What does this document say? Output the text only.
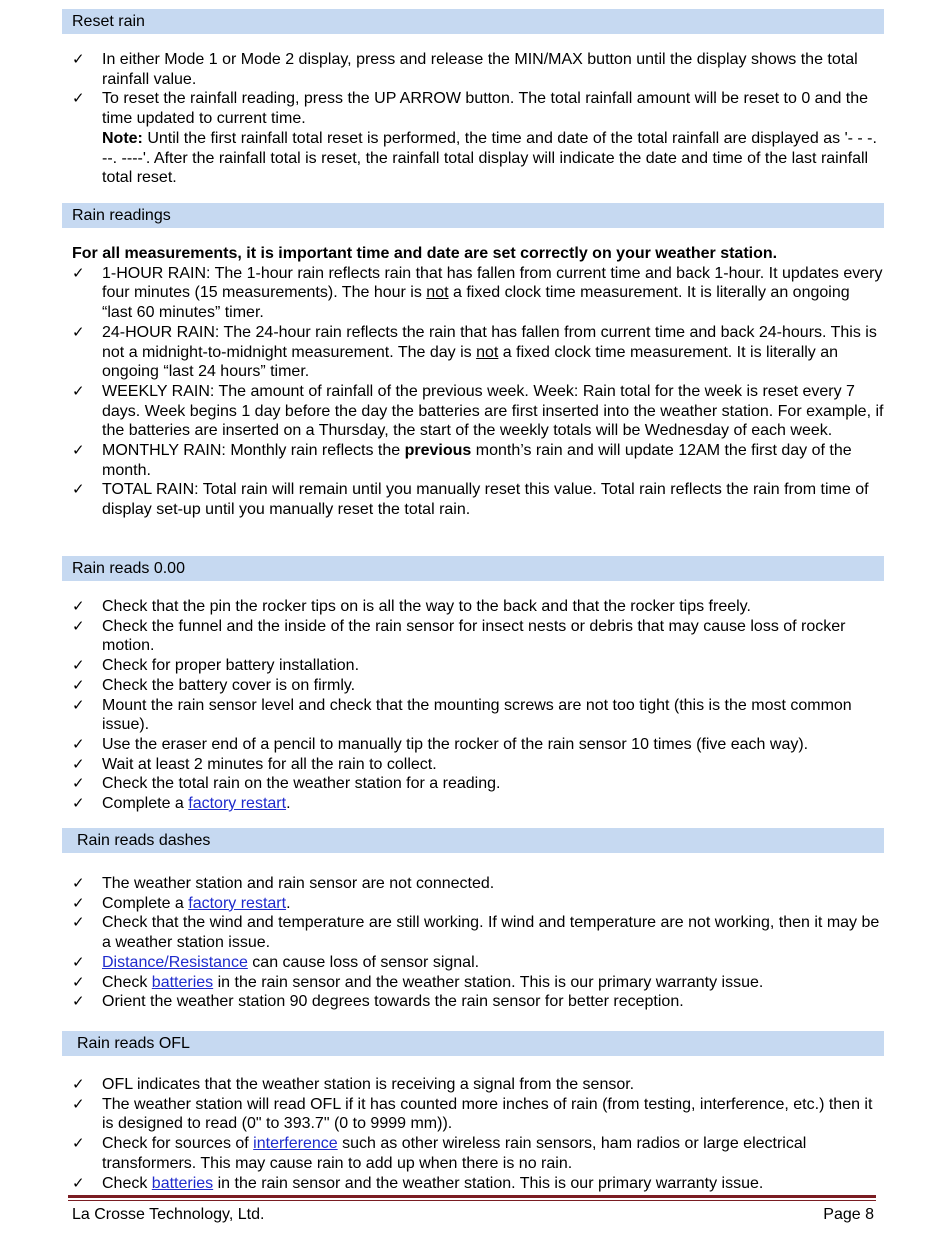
Reset rain

✓	In either Mode 1 or Mode 2 display, press and release the MIN/MAX button until the display shows the total rainfall value.

✓	To reset the rainfall reading, press the UP ARROW button. The total rainfall amount will be reset to 0 and the time updated to current time.

Note: Until the first rainfall total reset is performed, the time and date of the total rainfall are displayed as '- - -. --. ----'. After the rainfall total is reset, the rainfall total display will indicate the date and time of the last rainfall total reset.

Rain readings

For all measurements, it is important time and date are set correctly on your weather station.

✓	1-HOUR RAIN: The 1-hour rain reflects rain that has fallen from current time and back 1-hour. It updates every four minutes (15 measurements). The hour is not a fixed clock time measurement. It is literally an ongoing “last 60 minutes” timer.

✓	24-HOUR RAIN: The 24-hour rain reflects the rain that has fallen from current time and back 24-hours. This is not a midnight-to-midnight measurement. The day is not a fixed clock time measurement. It is literally an ongoing “last 24 hours” timer.

✓	WEEKLY RAIN: The amount of rainfall of the previous week. Week: Rain total for the week is reset every 7 days. Week begins 1 day before the day the batteries are first inserted into the weather station. For example, if the batteries are inserted on a Thursday, the start of the weekly totals will be Wednesday of each week.

✓	MONTHLY RAIN: Monthly rain reflects the previous month’s rain and will update 12AM the first day of the month.

✓	TOTAL RAIN: Total rain will remain until you manually reset this value. Total rain reflects the rain from time of display set-up until you manually reset the total rain.

Rain reads 0.00

✓	Check that the pin the rocker tips on is all the way to the back and that the rocker tips freely.

✓	Check the funnel and the inside of the rain sensor for insect nests or debris that may cause loss of rocker motion.

✓	Check for proper battery installation.

✓	Check the battery cover is on firmly.

✓	Mount the rain sensor level and check that the mounting screws are not too tight (this is the most common issue).

✓	Use the eraser end of a pencil to manually tip the rocker of the rain sensor 10 times (five each way).

✓	Wait at least 2 minutes for all the rain to collect.

✓	Check the total rain on the weather station for a reading.

✓	Complete a factory restart.

Rain reads dashes

✓	The weather station and rain sensor are not connected.

✓	Complete a factory restart.

✓	Check that the wind and temperature are still working. If wind and temperature are not working, then it may be a weather station issue.

✓	Distance/Resistance can cause loss of sensor signal.

✓	Check batteries in the rain sensor and the weather station. This is our primary warranty issue.

✓	Orient the weather station 90 degrees towards the rain sensor for better reception.

Rain reads OFL

✓	OFL indicates that the weather station is receiving a signal from the sensor.

✓	The weather station will read OFL if it has counted more inches of rain (from testing, interference, etc.) then it is designed to read (0" to 393.7" (0 to 9999 mm)).

✓	Check for sources of interference such as other wireless rain sensors, ham radios or large electrical transformers. This may cause rain to add up when there is no rain.

✓	Check batteries in the rain sensor and the weather station. This is our primary warranty issue.

La Crosse Technology, Ltd.	Page 8
